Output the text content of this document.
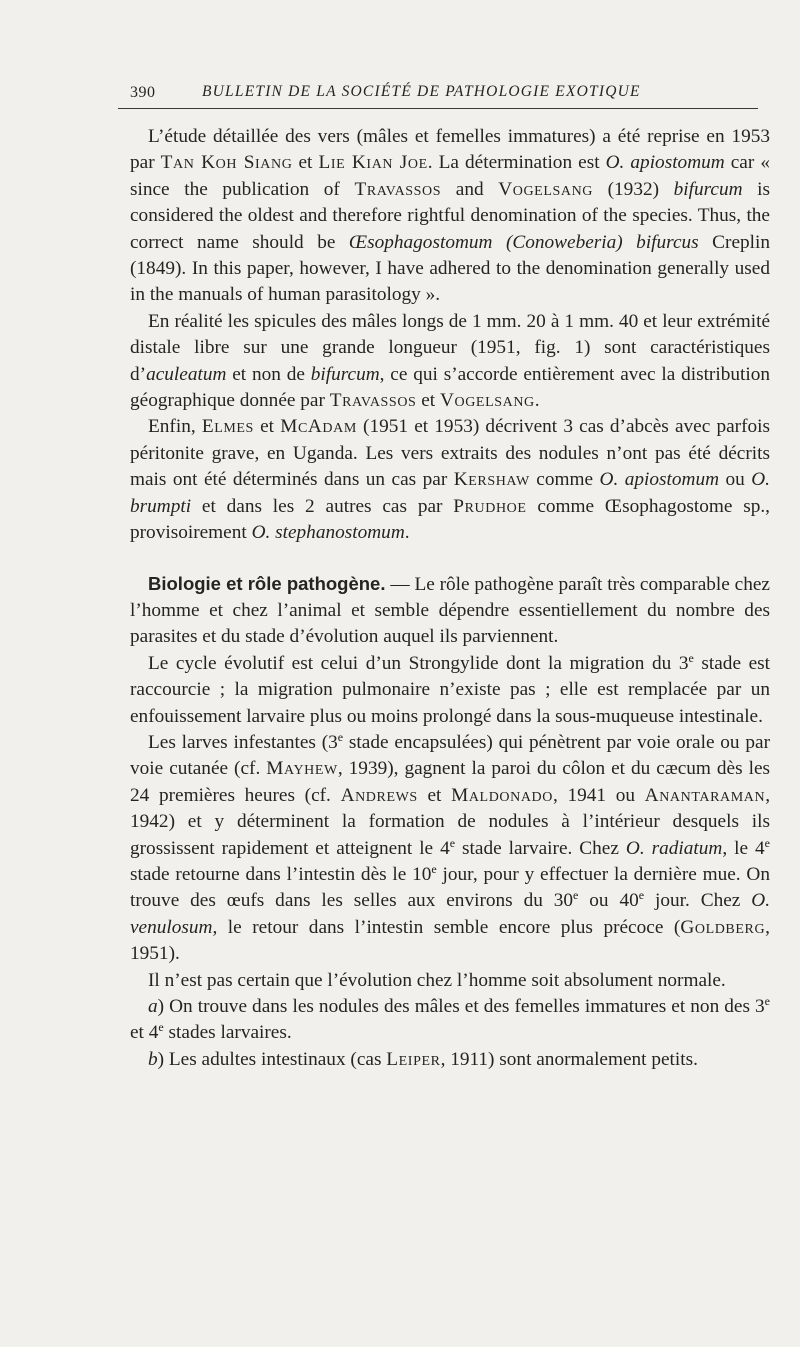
390	BULLETIN DE LA SOCIÉTÉ DE PATHOLOGIE EXOTIQUE

L’étude détaillée des vers (mâles et femelles immatures) a été reprise en 1953 par Tan Koh Siang et Lie Kian Joe. La détermination est O. apiostomum car « since the publication of Travassos and Vogelsang (1932) bifurcum is considered the oldest and therefore rightful denomination of the species. Thus, the correct name should be Œsophagostomum (Conoweberia) bifurcus Creplin (1849). In this paper, however, I have adhered to the denomination generally used in the manuals of human parasitology ».

En réalité les spicules des mâles longs de 1 mm. 20 à 1 mm. 40 et leur extrémité distale libre sur une grande longueur (1951, fig. 1) sont caractéristiques d’aculeatum et non de bifurcum, ce qui s’accorde entièrement avec la distribution géographique donnée par Travassos et Vogelsang.

Enfin, Elmes et McAdam (1951 et 1953) décrivent 3 cas d’abcès avec parfois péritonite grave, en Uganda. Les vers extraits des nodules n’ont pas été décrits mais ont été déterminés dans un cas par Kershaw comme O. apiostomum ou O. brumpti et dans les 2 autres cas par Prudhoe comme Œsophagostome sp., provisoirement O. stephanostomum.

Biologie et rôle pathogène. — Le rôle pathogène paraît très comparable chez l’homme et chez l’animal et semble dépendre essentiellement du nombre des parasites et du stade d’évolution auquel ils parviennent.

Le cycle évolutif est celui d’un Strongylide dont la migration du 3e stade est raccourcie ; la migration pulmonaire n’existe pas ; elle est remplacée par un enfouissement larvaire plus ou moins prolongé dans la sous-muqueuse intestinale.

Les larves infestantes (3e stade encapsulées) qui pénètrent par voie orale ou par voie cutanée (cf. Mayhew, 1939), gagnent la paroi du côlon et du cæcum dès les 24 premières heures (cf. Andrews et Maldonado, 1941 ou Anantaraman, 1942) et y déterminent la formation de nodules à l’intérieur desquels ils grossissent rapidement et atteignent le 4e stade larvaire. Chez O. radiatum, le 4e stade retourne dans l’intestin dès le 10e jour, pour y effectuer la dernière mue. On trouve des œufs dans les selles aux environs du 30e ou 40e jour. Chez O. venulosum, le retour dans l’intestin semble encore plus précoce (Goldberg, 1951).

Il n’est pas certain que l’évolution chez l’homme soit absolument normale.

a) On trouve dans les nodules des mâles et des femelles immatures et non des 3e et 4e stades larvaires.

b) Les adultes intestinaux (cas Leiper, 1911) sont anormalement petits.
